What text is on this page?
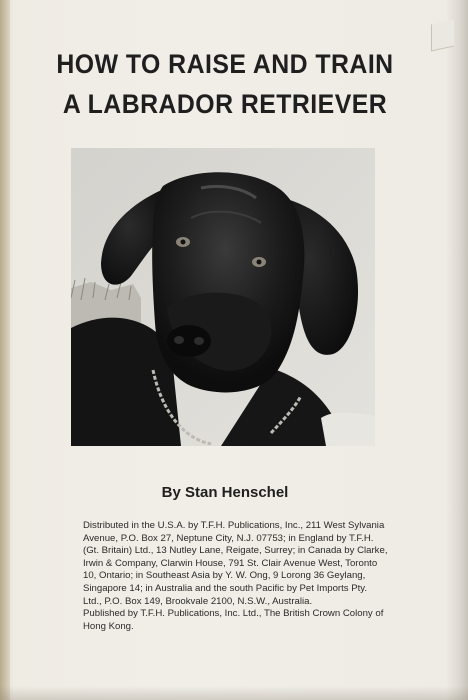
HOW TO RAISE AND TRAIN
A LABRADOR RETRIEVER
By Stan Henschel
Distributed in the U.S.A. by T.F.H. Publications, Inc., 211 West Sylvania
Avenue, P.O. Box 27, Neptune City, N.J. 07753; in England by T.F.H.
(Gt. Britain) Ltd., 13 Nutley Lane, Reigate, Surrey; in Canada by Clarke,
Irwin & Company, Clarwin House, 791 St. Clair Avenue West, Toronto
10, Ontario; in Southeast Asia by Y. W. Ong, 9 Lorong 36 Geylang,
Singapore 14; in Australia and the south Pacific by Pet Imports Pty.
Ltd., P.O. Box 149, Brookvale 2100, N.S.W., Australia.
Published by T.F.H. Publications, Inc. Ltd., The British Crown Colony of
Hong Kong.
